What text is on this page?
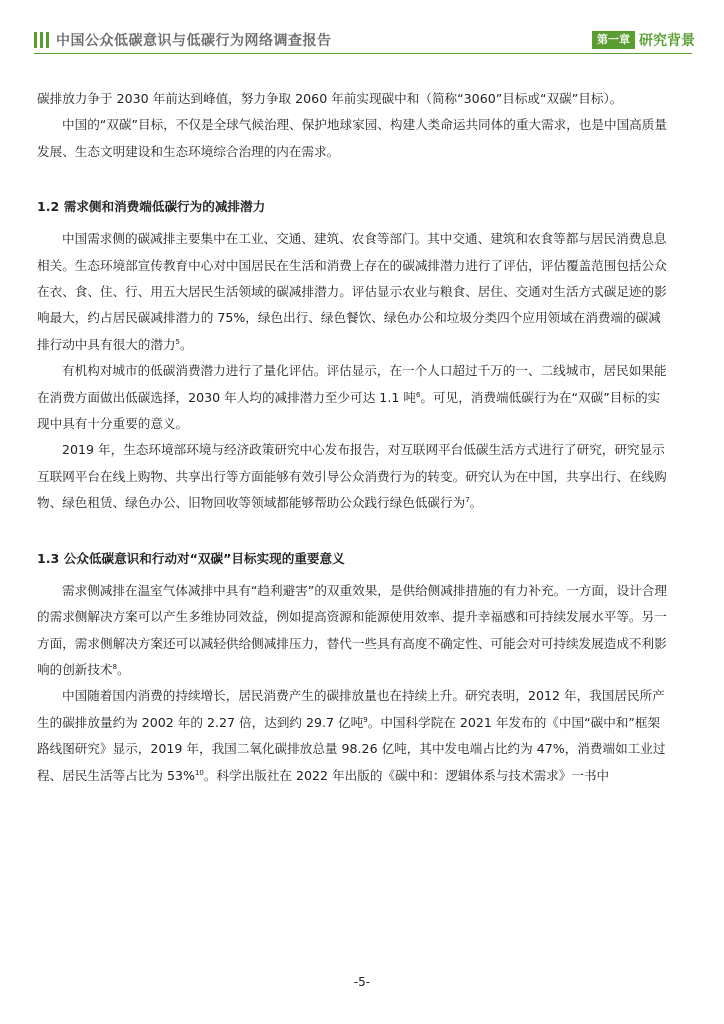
中国公众低碳意识与低碳行为网络调查报告	第一章 研究背景

碳排放力争于 2030 年前达到峰值，努力争取 2060 年前实现碳中和（简称“3060”目标或“双碳”目标）。

中国的“双碳”目标，不仅是全球气候治理、保护地球家园、构建人类命运共同体的重大需求，也是中国高质量发展、生态文明建设和生态环境综合治理的内在需求。

1.2 需求侧和消费端低碳行为的减排潜力

中国需求侧的碳减排主要集中在工业、交通、建筑、农食等部门。其中交通、建筑和农食等都与居民消费息息相关。生态环境部宣传教育中心对中国居民在生活和消费上存在的碳减排潜力进行了评估，评估覆盖范围包括公众在衣、食、住、行、用五大居民生活领域的碳减排潜力。评估显示农业与粮食、居住、交通对生活方式碳足迹的影响最大，约占居民碳减排潜力的 75%，绿色出行、绿色餐饮、绿色办公和垃圾分类四个应用领域在消费端的碳减排行动中具有很大的潜力$^5$。

有机构对城市的低碳消费潜力进行了量化评估。评估显示，在一个人口超过千万的一、二线城市，居民如果能在消费方面做出低碳选择，2030 年人均的减排潜力至少可达 1.1 吨$^6$。可见，消费端低碳行为在“双碳”目标的实现中具有十分重要的意义。

2019 年，生态环境部环境与经济政策研究中心发布报告，对互联网平台低碳生活方式进行了研究，研究显示互联网平台在线上购物、共享出行等方面能够有效引导公众消费行为的转变。研究认为在中国，共享出行、在线购物、绿色租赁、绿色办公、旧物回收等领域都能够帮助公众践行绿色低碳行为$^7$。

1.3 公众低碳意识和行动对“双碳”目标实现的重要意义

需求侧减排在温室气体减排中具有“趋利避害”的双重效果，是供给侧减排措施的有力补充。一方面，设计合理的需求侧解决方案可以产生多维协同效益，例如提高资源和能源使用效率、提升幸福感和可持续发展水平等。另一方面，需求侧解决方案还可以减轻供给侧减排压力，替代一些具有高度不确定性、可能会对可持续发展造成不利影响的创新技术$^8$。

中国随着国内消费的持续增长，居民消费产生的碳排放量也在持续上升。研究表明，2012 年，我国居民所产生的碳排放量约为 2002 年的 2.27 倍，达到约 29.7 亿吨$^9$。中国科学院在 2021 年发布的《中国“碳中和”框架路线图研究》显示，2019 年，我国二氧化碳排放总量 98.26 亿吨，其中发电端占比约为 47%，消费端如工业过程、居民生活等占比为 53%$^{10}$。科学出版社在 2022 年出版的《碳中和：逻辑体系与技术需求》一书中

-5-
